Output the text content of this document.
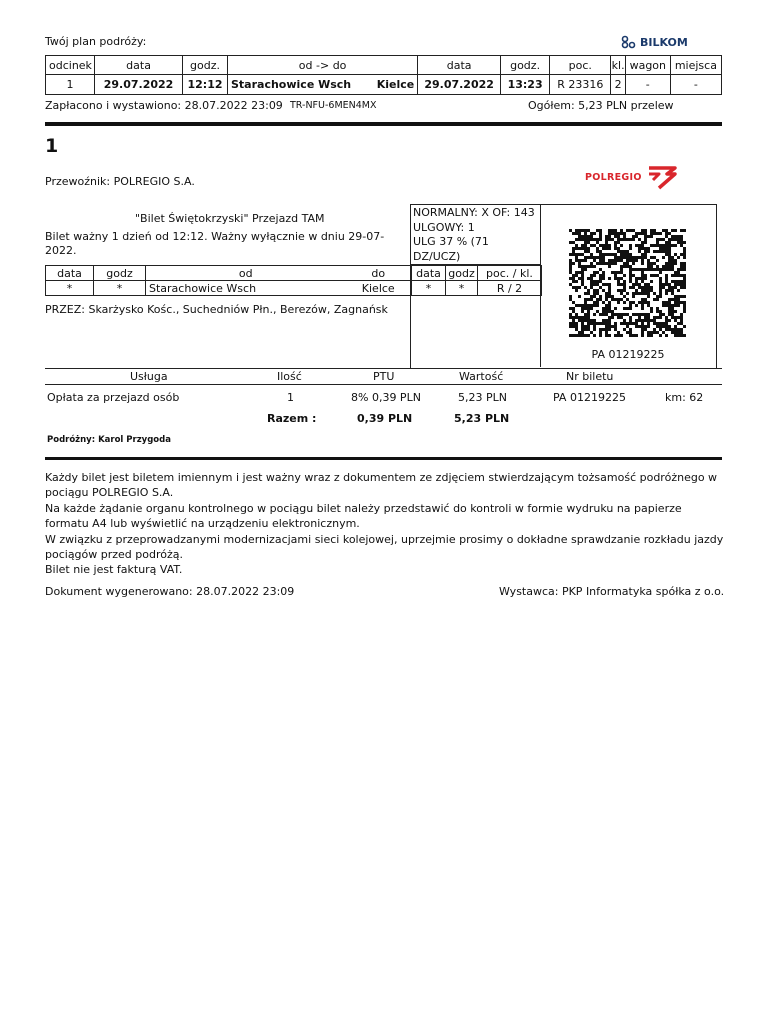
Twój plan podróży:	BILKOM
odcinek	data	godz.	od -> do	data	godz.	poc.	kl.	wagon	miejsca
1	29.07.2022	12:12	Starachowice Wsch Kielce	29.07.2022	13:23	R 23316	2	-	-
Zapłacono i wystawiono: 28.07.2022 23:09 TR-NFU-6MEN4MX	Ogółem: 5,23 PLN przelew
1
Przewoźnik: POLREGIO S.A.	POLREGIO
"Bilet Świętokrzyski" Przejazd TAM
Bilet ważny 1 dzień od 12:12. Ważny wyłącznie w dniu 29-07-2022.
NORMALNY: X OF: 143
ULGOWY: 1
ULG 37 % (71
DZ/UCZ)
data	godz	od	do	data	godz	poc. / kl.
*	*	Starachowice Wsch	Kielce	*	*	R / 2
PRZEZ: Skarżysko Kośc., Suchedniów Płn., Berezów, Zagnańsk
PA 01219225
Usługa	Ilość	PTU	Wartość	Nr biletu
Opłata za przejazd osób	1	8% 0,39 PLN	5,23 PLN	PA 01219225	km: 62
Razem :	0,39 PLN	5,23 PLN
Podróżny: Karol Przygoda
Każdy bilet jest biletem imiennym i jest ważny wraz z dokumentem ze zdjęciem stwierdzającym tożsamość podróżnego w pociągu POLREGIO S.A.
Na każde żądanie organu kontrolnego w pociągu bilet należy przedstawić do kontroli w formie wydruku na papierze formatu A4 lub wyświetlić na urządzeniu elektronicznym.
W związku z przeprowadzanymi modernizacjami sieci kolejowej, uprzejmie prosimy o dokładne sprawdzanie rozkładu jazdy pociągów przed podróżą.
Bilet nie jest fakturą VAT.
Dokument wygenerowano: 28.07.2022 23:09	Wystawca: PKP Informatyka spółka z o.o.
